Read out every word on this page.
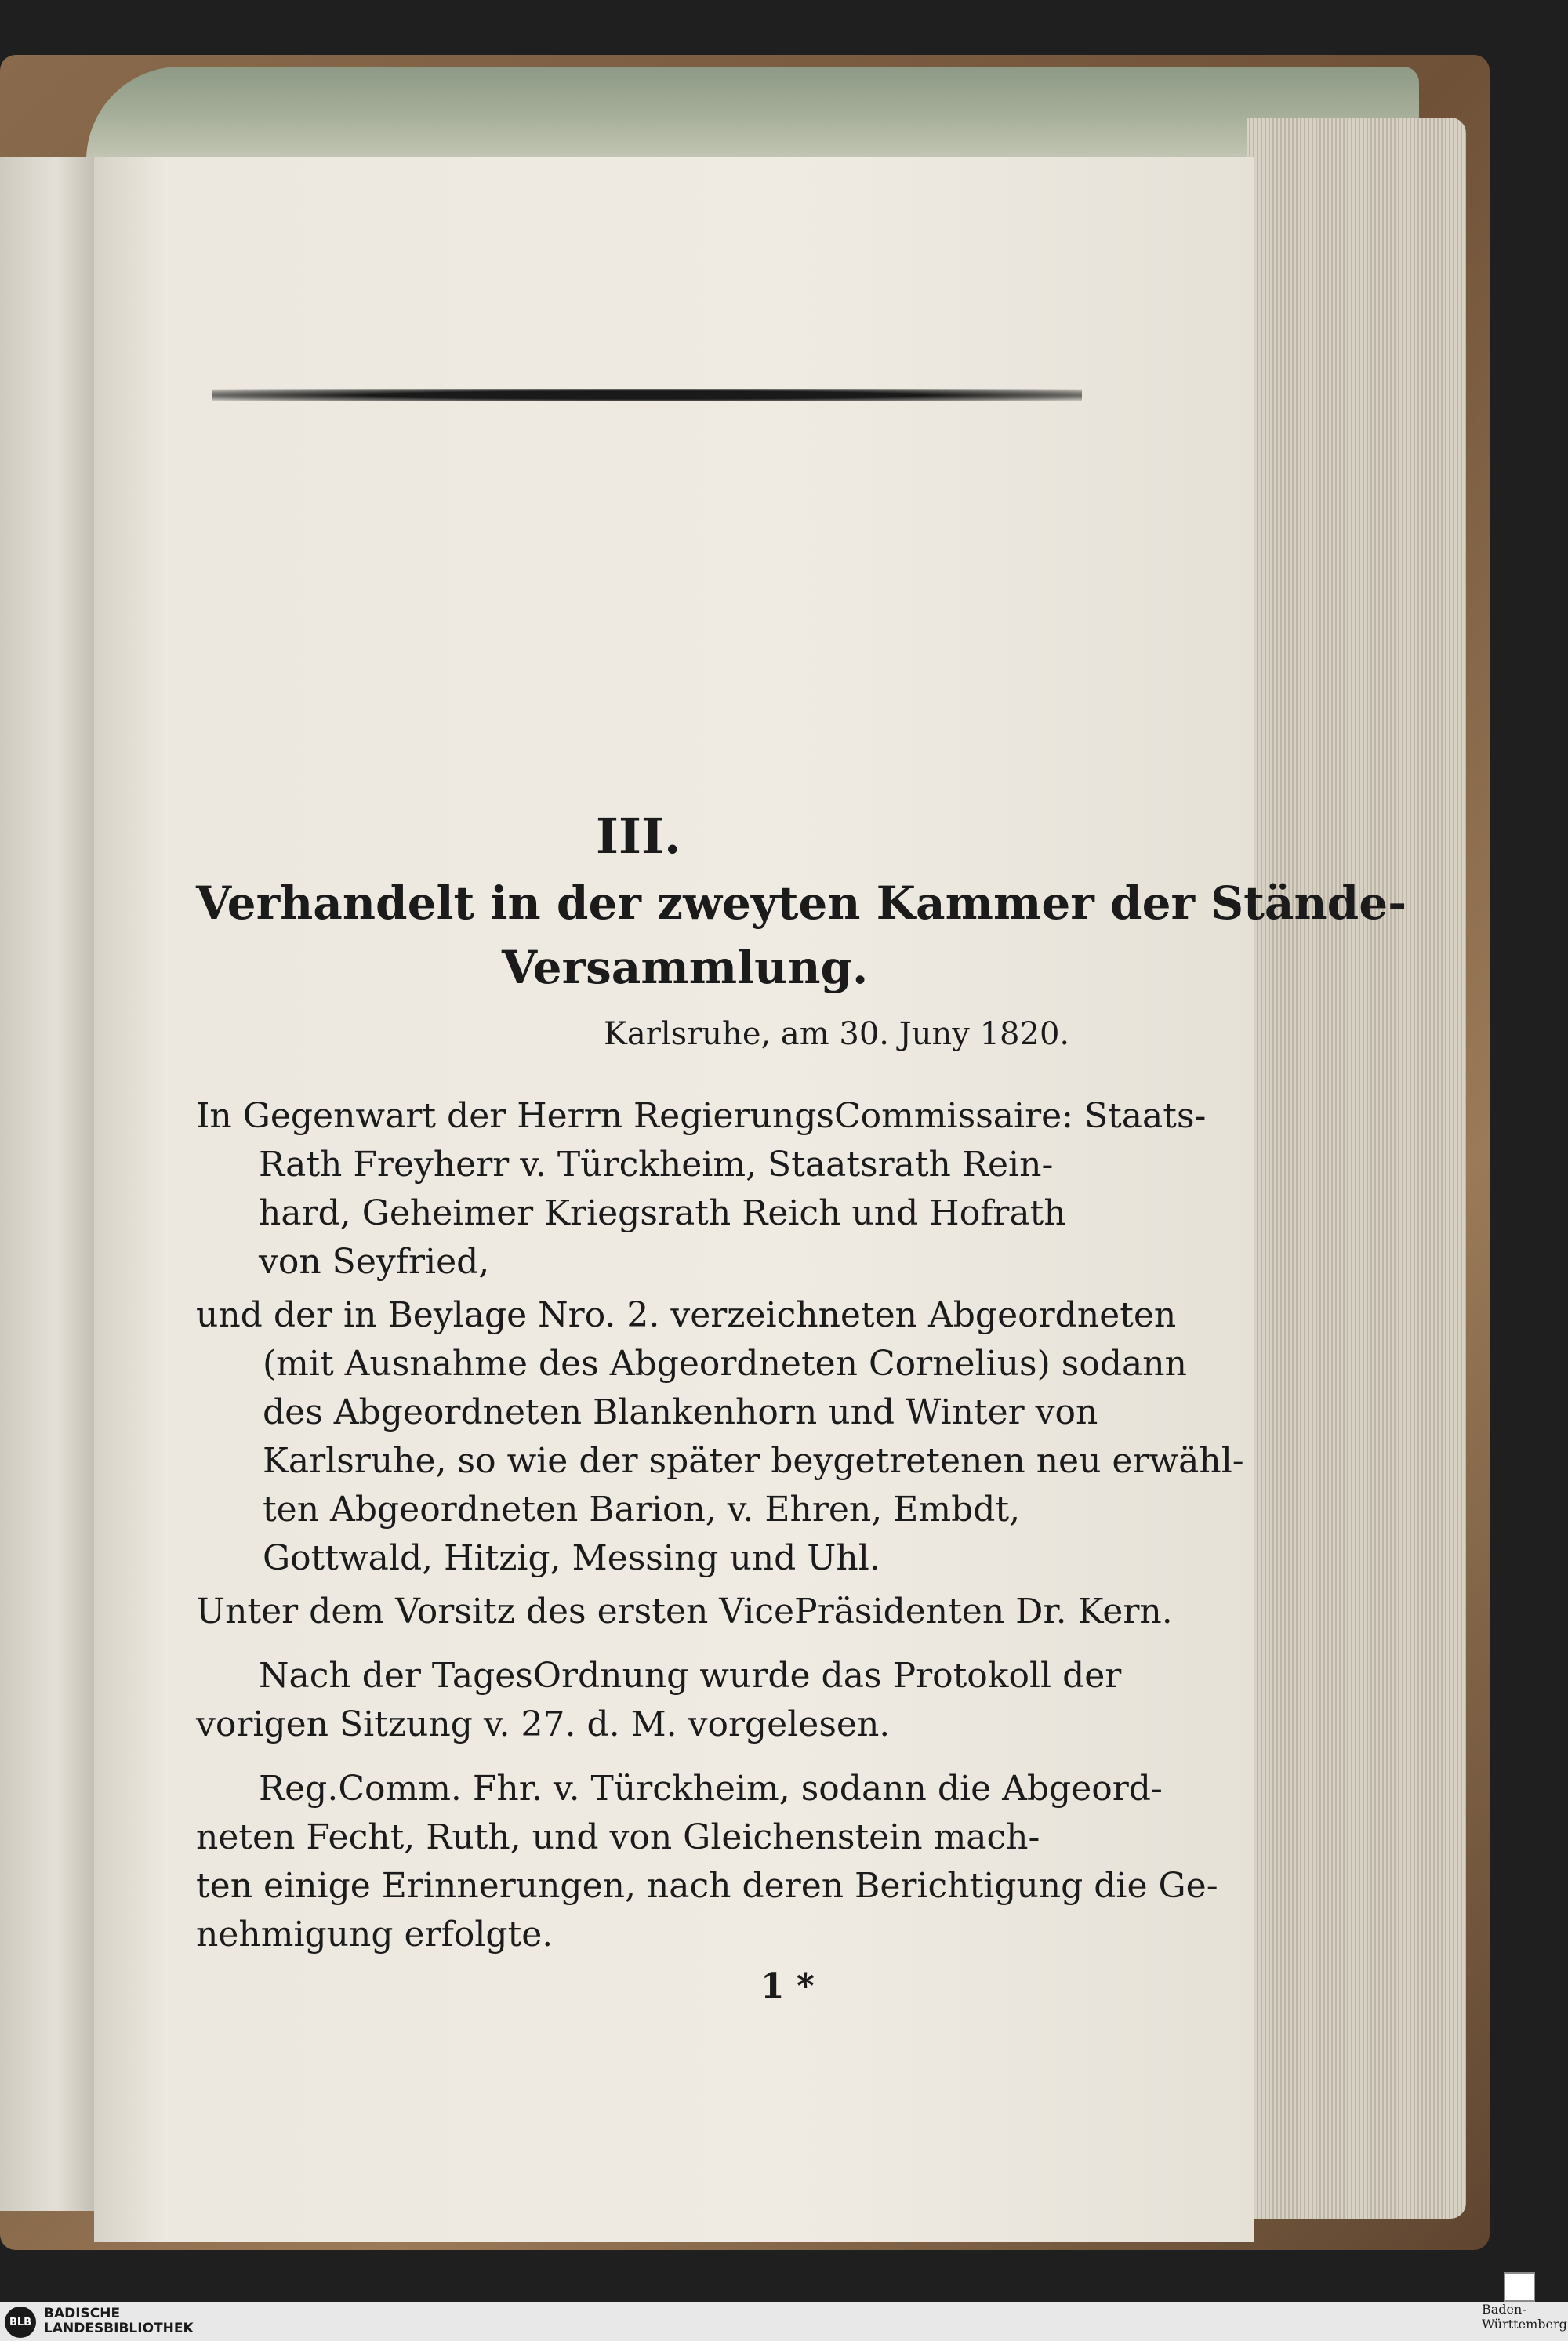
III.
Verhandelt in der zweyten Kammer der Stände-
Versammlung.
Karlsruhe, am 30. Juny 1820.
In Gegenwart der Herrn RegierungsCommissaire: Staats-
Rath Freyherr v. Türckheim, Staatsrath Rein-
hard, Geheimer Kriegsrath Reich und Hofrath
von Seyfried,
und der in Beylage Nro. 2. verzeichneten Abgeordneten
(mit Ausnahme des Abgeordneten Cornelius) sodann
des Abgeordneten Blankenhorn und Winter von
Karlsruhe, so wie der später beygetretenen neu erwähl-
ten Abgeordneten Barion, v. Ehren, Embdt,
Gottwald, Hitzig, Messing und Uhl.
Unter dem Vorsitz des ersten VicePräsidenten Dr. Kern.
Nach der TagesOrdnung wurde das Protokoll der
vorigen Sitzung v. 27. d. M. vorgelesen.
Reg.Comm. Fhr. v. Türckheim, sodann die Abgeord-
neten Fecht, Ruth, und von Gleichenstein mach-
ten einige Erinnerungen, nach deren Berichtigung die Ge-
nehmigung erfolgte.
1 *
BLB
BADISCHE
LANDESBIBLIOTHEK
Baden-Württemberg
